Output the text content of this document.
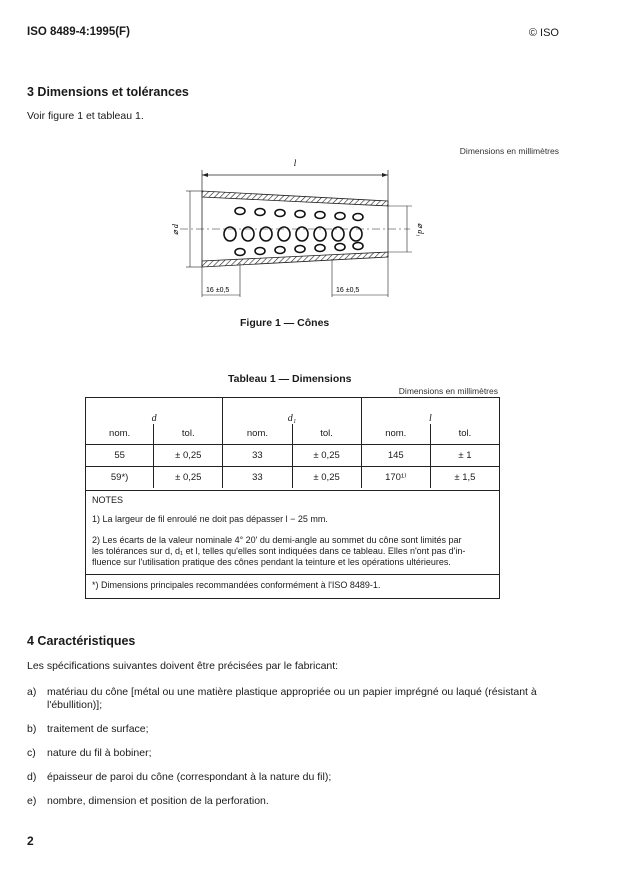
ISO 8489-4:1995(F)	© ISO
3 Dimensions et tolérances
Voir figure 1 et tableau 1.
Dimensions en millimètres
l
⌀ d	⌀ d₁
16 ±0,5	16 ±0,5
Figure 1 — Cônes
Tableau 1 — Dimensions
Dimensions en millimètres
d		d₁		l	
nom.	tol.	nom.	tol.	nom.	tol.
55	± 0,25	33	± 0,25	145	± 1
59*)	± 0,25	33	± 0,25	170¹⁾	± 1,5
NOTES
1) La largeur de fil enroulé ne doit pas dépasser l − 25 mm.
2) Les écarts de la valeur nominale 4° 20' du demi-angle au sommet du cône sont limités par
les tolérances sur d, d₁ et l, telles qu'elles sont indiquées dans ce tableau. Elles n'ont pas d'in-
fluence sur l'utilisation pratique des cônes pendant la teinture et les opérations ultérieures.
*) Dimensions principales recommandées conformément à l'ISO 8489-1.
4 Caractéristiques
Les spécifications suivantes doivent être précisées par le fabricant:
a) matériau du cône [métal ou une matière plastique appropriée ou un papier imprégné ou laqué (résistant à
l'ébullition)];
b) traitement de surface;
c) nature du fil à bobiner;
d) épaisseur de paroi du cône (correspondant à la nature du fil);
e) nombre, dimension et position de la perforation.
2
